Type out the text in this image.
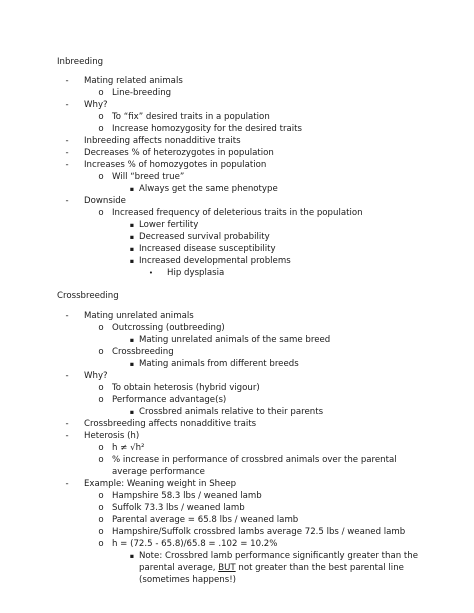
Inbreeding
-	Mating related animals
o Line-breeding
-	Why?
o To “fix” desired traits in a population
o Increase homozygosity for the desired traits
-	Inbreeding affects nonadditive traits
-	Decreases % of heterozygotes in population
-	Increases % of homozygotes in population
o Will “breed true”
▪ Always get the same phenotype
-	Downside
o Increased frequency of deleterious traits in the population
▪ Lower fertility
▪ Decreased survival probability
▪ Increased disease susceptibility
▪ Increased developmental problems
•	Hip dysplasia
Crossbreeding
-	Mating unrelated animals
o Outcrossing (outbreeding)
▪ Mating unrelated animals of the same breed
o Crossbreeding
▪ Mating animals from different breeds
-	Why?
o To obtain heterosis (hybrid vigour)
o Performance advantage(s)
▪ Crossbred animals relative to their parents
-	Crossbreeding affects nonadditive traits
-	Heterosis (h)
o h ≠ √h²
o % increase in performance of crossbred animals over the parental
average performance
-	Example: Weaning weight in Sheep
o Hampshire 58.3 lbs / weaned lamb
o Suffolk 73.3 lbs / weaned lamb
o Parental average = 65.8 lbs / weaned lamb
o Hampshire/Suffolk crossbred lambs average 72.5 lbs / weaned lamb
o h = (72.5 - 65.8)/65.8 = .102 = 10.2%
▪ Note: Crossbred lamb performance significantly greater than the
parental average, BUT not greater than the best parental line
(sometimes happens!)
